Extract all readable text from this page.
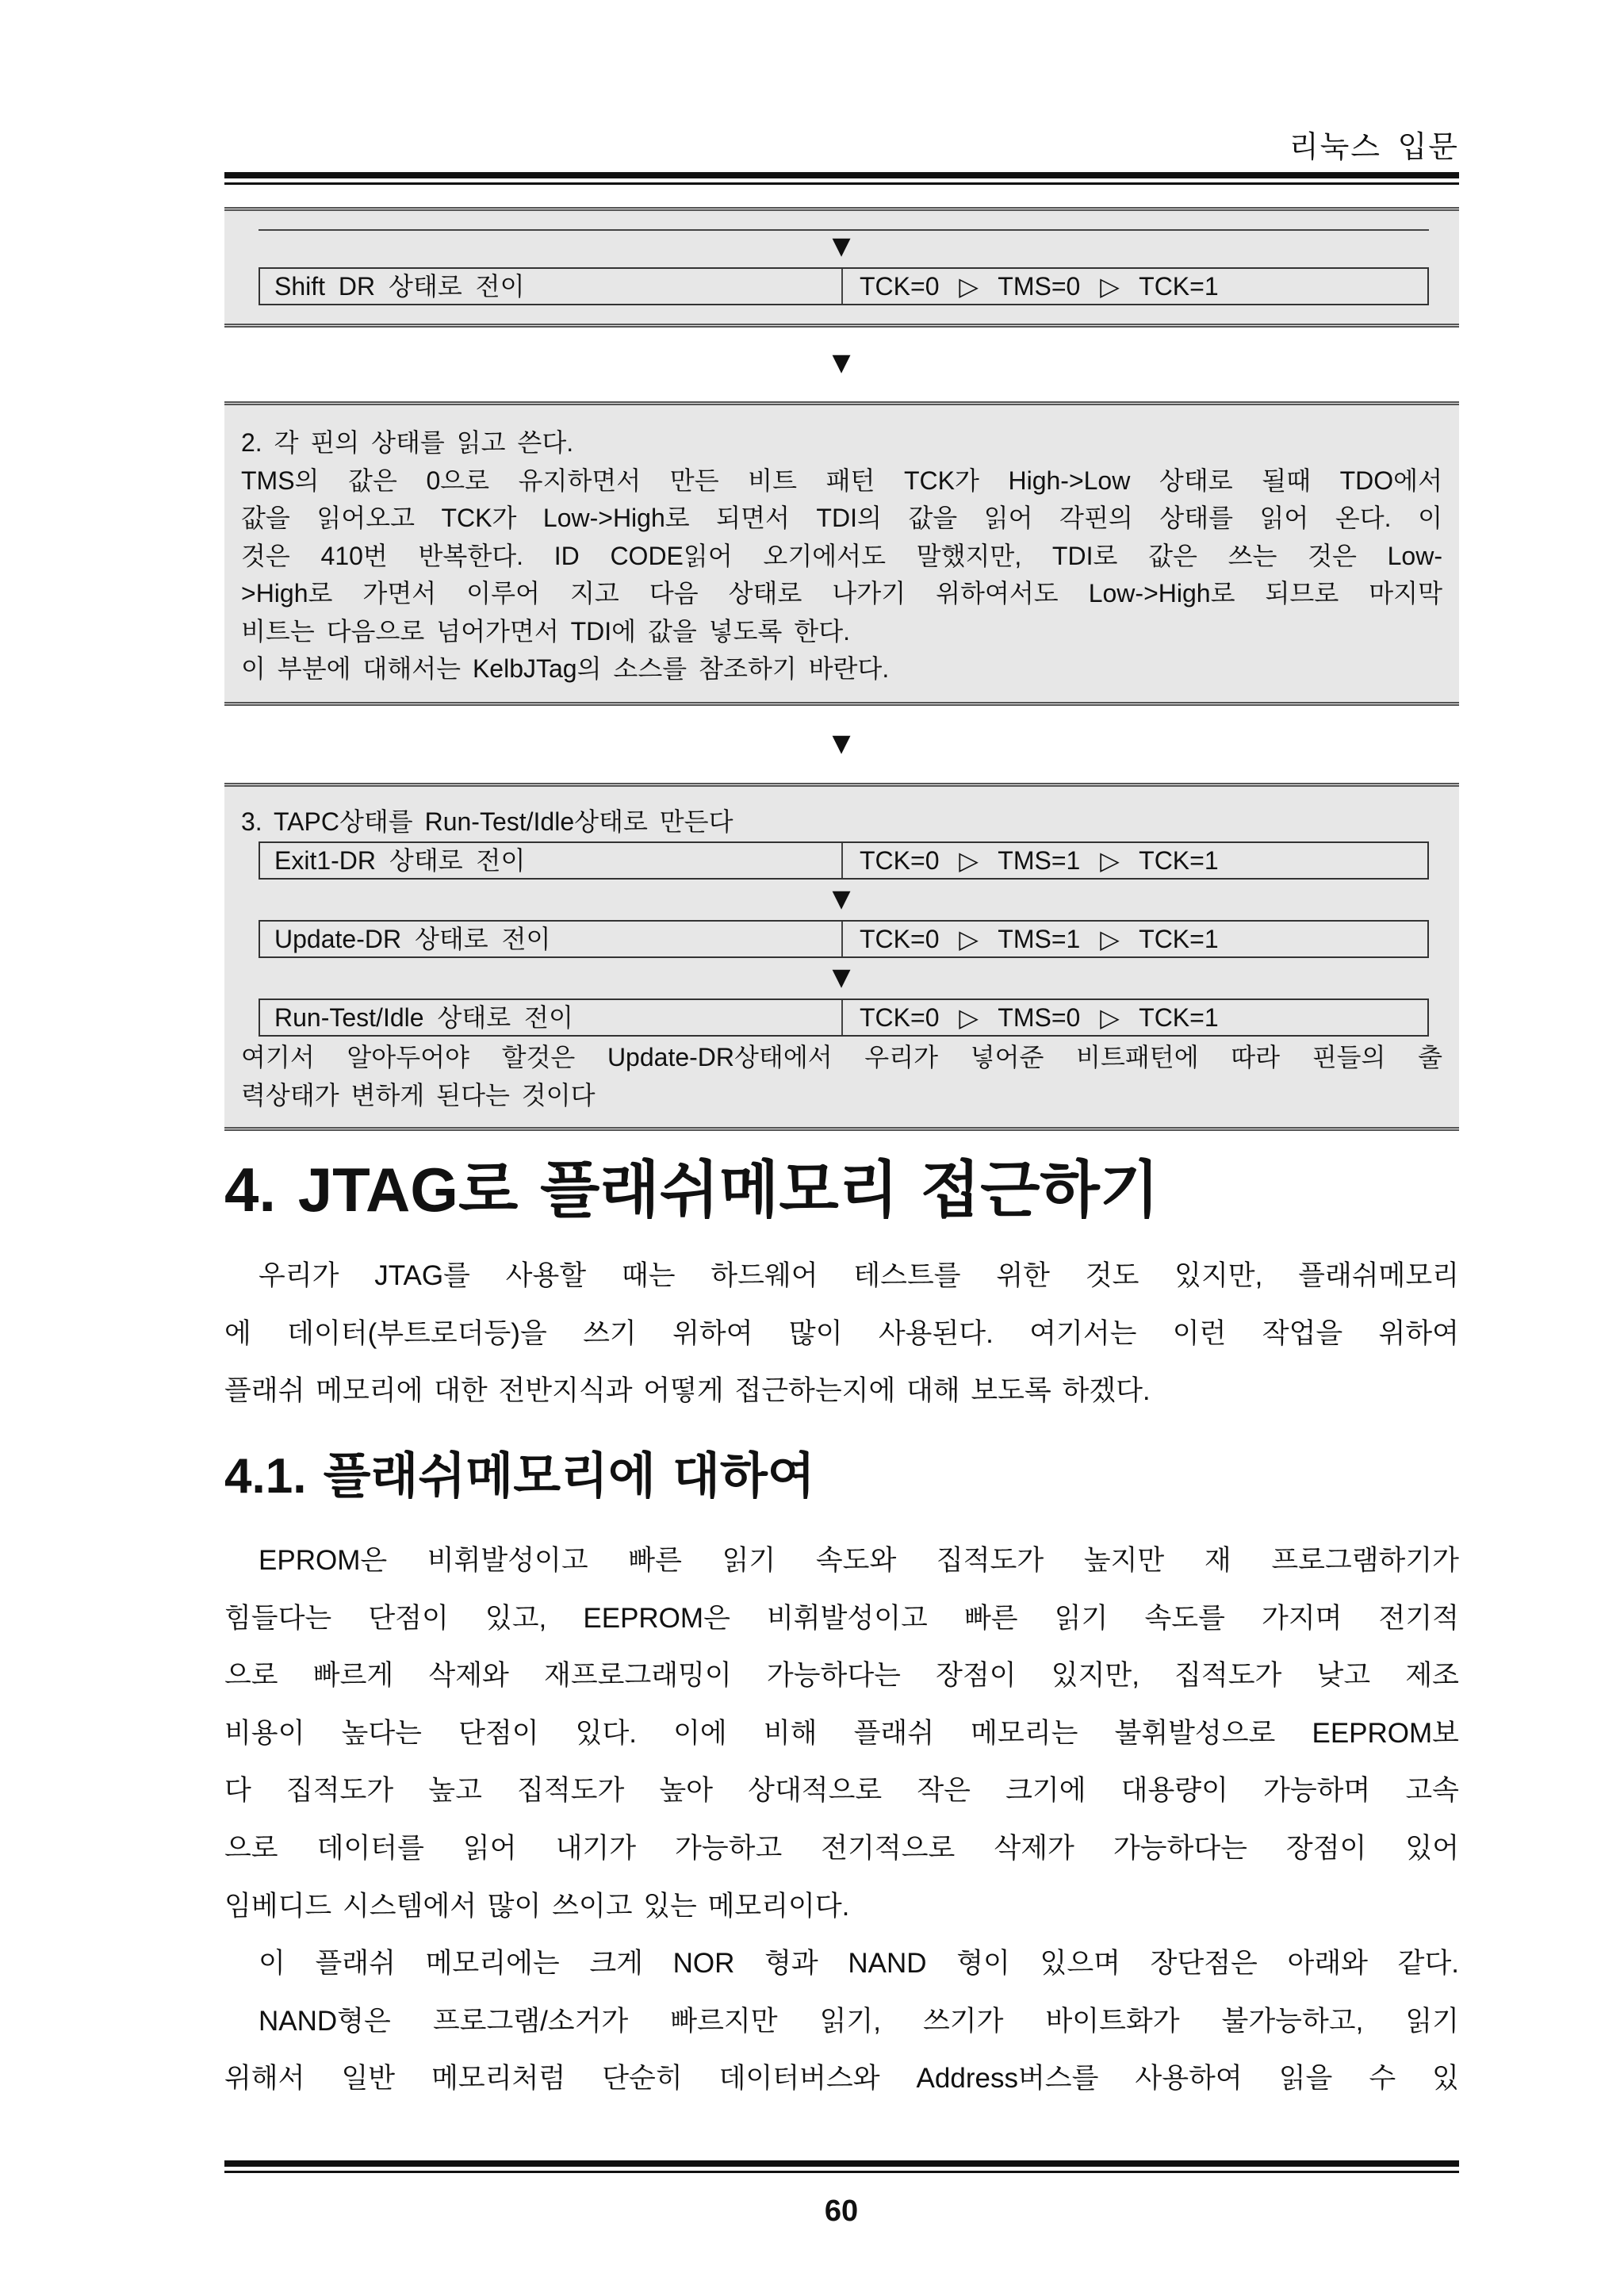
리눅스 입문
▼
Shift DR 상태로 전이	TCK=0 ▷ TMS=0 ▷ TCK=1
▼
2. 각 핀의 상태를 읽고 쓴다.
TMS의 값은 0으로 유지하면서 만든 비트 패턴 TCK가 High->Low 상태로 될때 TDO에서
값을 읽어오고 TCK가 Low->High로 되면서 TDI의 값을 읽어 각핀의 상태를 읽어 온다. 이
것은 410번 반복한다. ID CODE읽어 오기에서도 말했지만, TDI로 값은 쓰는 것은 Low-
>High로 가면서 이루어 지고 다음 상태로 나가기 위하여서도 Low->High로 되므로 마지막
비트는 다음으로 넘어가면서 TDI에 값을 넣도록 한다.
이 부분에 대해서는 KelbJTag의 소스를 참조하기 바란다.
▼
3. TAPC상태를 Run-Test/Idle상태로 만든다
Exit1-DR 상태로 전이	TCK=0 ▷ TMS=1 ▷ TCK=1
▼
Update-DR 상태로 전이	TCK=0 ▷ TMS=1 ▷ TCK=1
▼
Run-Test/Idle 상태로 전이	TCK=0 ▷ TMS=0 ▷ TCK=1
여기서 알아두어야 할것은 Update-DR상태에서 우리가 넣어준 비트패턴에 따라 핀들의 출
력상태가 변하게 된다는 것이다
4. JTAG로 플래쉬메모리 접근하기
우리가 JTAG를 사용할 때는 하드웨어 테스트를 위한 것도 있지만, 플래쉬메모리
에 데이터(부트로더등)을 쓰기 위하여 많이 사용된다. 여기서는 이런 작업을 위하여
플래쉬 메모리에 대한 전반지식과 어떻게 접근하는지에 대해 보도록 하겠다.
4.1. 플래쉬메모리에 대하여
EPROM은 비휘발성이고 빠른 읽기 속도와 집적도가 높지만 재 프로그램하기가
힘들다는 단점이 있고, EEPROM은 비휘발성이고 빠른 읽기 속도를 가지며 전기적
으로 빠르게 삭제와 재프로그래밍이 가능하다는 장점이 있지만, 집적도가 낮고 제조
비용이 높다는 단점이 있다. 이에 비해 플래쉬 메모리는 불휘발성으로 EEPROM보
다 집적도가 높고 집적도가 높아 상대적으로 작은 크기에 대용량이 가능하며 고속
으로 데이터를 읽어 내기가 가능하고 전기적으로 삭제가 가능하다는 장점이 있어
임베디드 시스템에서 많이 쓰이고 있는 메모리이다.
이 플래쉬 메모리에는 크게 NOR 형과 NAND 형이 있으며 장단점은 아래와 같다.
NAND형은 프로그램/소거가 빠르지만 읽기, 쓰기가 바이트화가 불가능하고, 읽기
위해서 일반 메모리처럼 단순히 데이터버스와 Address버스를 사용하여 읽을 수 있
60
